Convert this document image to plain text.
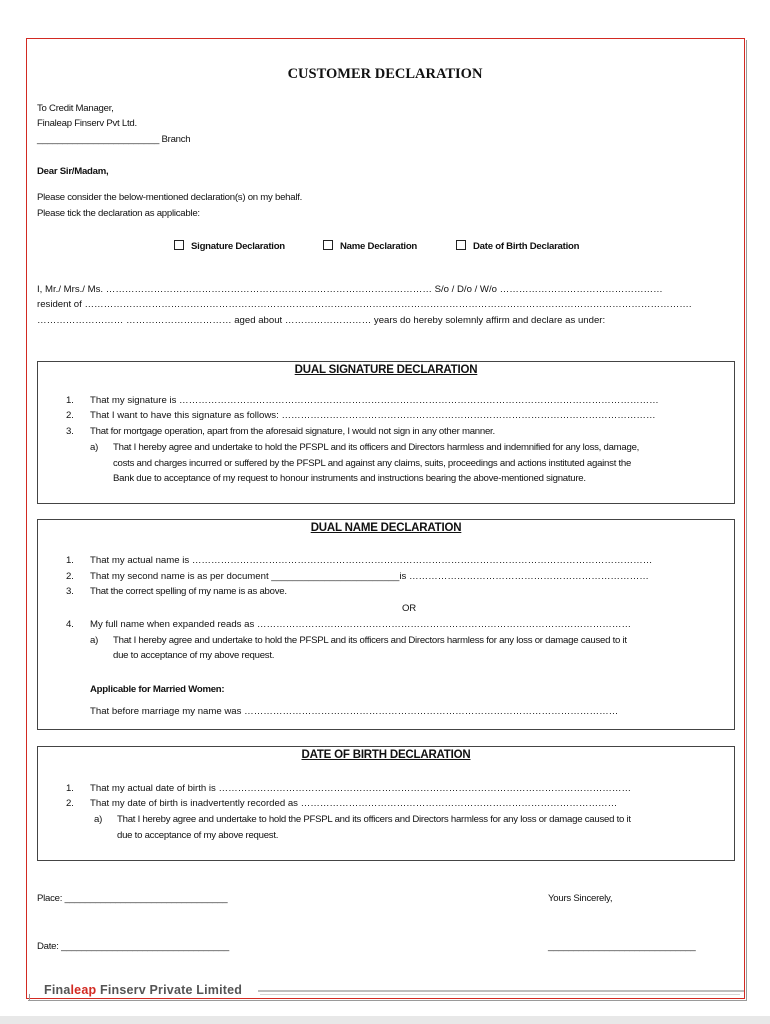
CUSTOMER DECLARATION
To Credit Manager,
Finaleap Finserv Pvt Ltd.
________________________ Branch
Dear Sir/Madam,
Please consider the below-mentioned declaration(s) on my behalf.
Please tick the declaration as applicable:
Signature Declaration	Name Declaration	Date of Birth Declaration
I, Mr./ Mrs./ Ms. ………………………………………………………………………………………… S/o / D/o / W/o ……………………………………………
resident of ……………………………………………………………………………………………………………………………………………………………………….
……………………… …………………………… aged about ……………………… years do hereby solemnly affirm and declare as under:
DUAL SIGNATURE DECLARATION
1. That my signature is ……………………………………………………………………………………………………………………………………
2. That I want to have this signature as follows: ………………………………………………………………………………………………………
3. That for mortgage operation, apart from the aforesaid signature, I would not sign in any other manner.
a) That I hereby agree and undertake to hold the PFSPL and its officers and Directors harmless and indemnified for any loss, damage,
costs and charges incurred or suffered by the PFSPL and against any claims, suits, proceedings and actions instituted against the
Bank due to acceptance of my request to honour instruments and instructions bearing the above-mentioned signature.
DUAL NAME DECLARATION
1. That my actual name is ………………………………………………………………………………………………………………………………
2. That my second name is as per document ________________________is …………………………………………………………………
3. That the correct spelling of my name is as above.
OR
4. My full name when expanded reads as ………………………………………………………………………………………………………
a) That I hereby agree and undertake to hold the PFSPL and its officers and Directors harmless for any loss or damage caused to it
due to acceptance of my above request.
Applicable for Married Women:
That before marriage my name was ………………………………………………………………………………………………………
DATE OF BIRTH DECLARATION
1. That my actual date of birth is …………………………………………………………………………………………………………………
2. That my date of birth is inadvertently recorded as ………………………………………………………………………………………
a) That I hereby agree and undertake to hold the PFSPL and its officers and Directors harmless for any loss or damage caused to it
due to acceptance of my above request.
Place: ________________________________	Yours Sincerely,
Date: _________________________________	_____________________________
Finaleap Finserv Private Limited
